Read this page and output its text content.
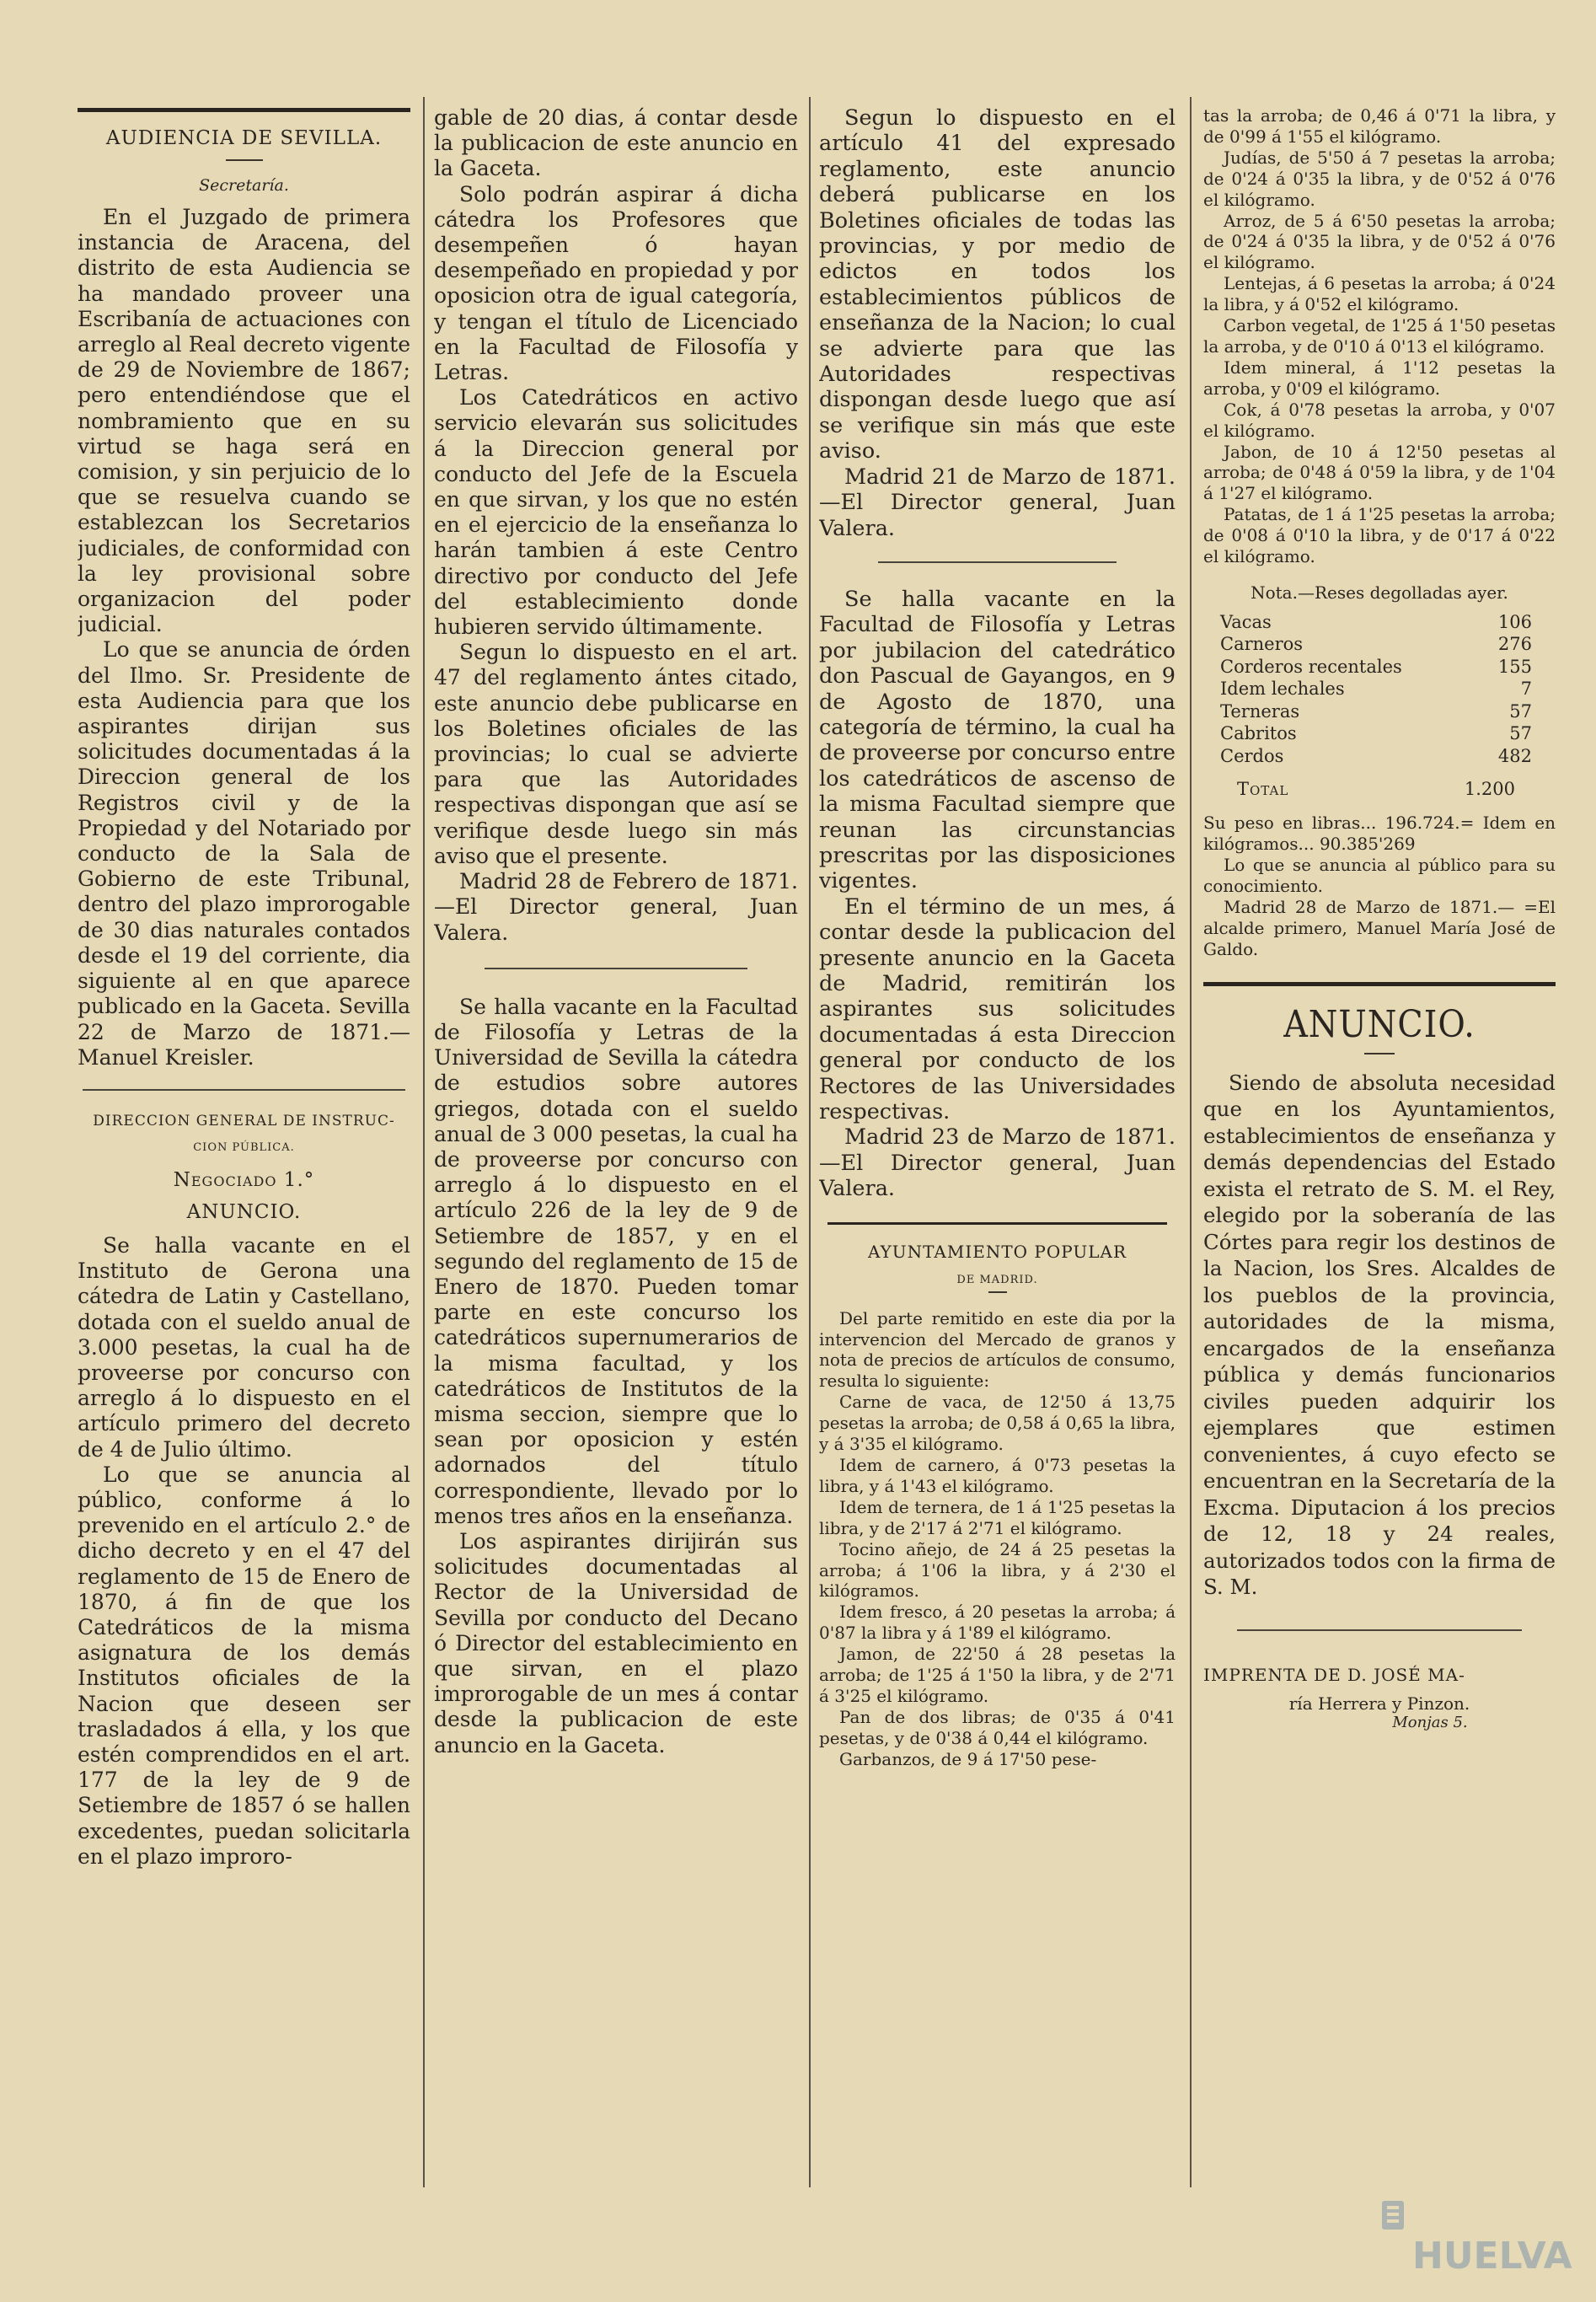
AUDIENCIA DE SEVILLA.
Secretaría.

En el Juzgado de primera instancia de Aracena, del distrito de esta Audiencia se ha mandado proveer una Escribanía de actuaciones con arreglo al Real decreto vigente de 29 de Noviembre de 1867; pero entendiéndose que el nombramiento que en su virtud se haga será en comision, y sin perjuicio de lo que se resuelva cuando se establezcan los Secretarios judiciales, de conformidad con la ley provisional sobre organizacion del poder judicial.

Lo que se anuncia de órden del Ilmo. Sr. Presidente de esta Audiencia para que los aspirantes dirijan sus solicitudes documentadas á la Direccion general de los Registros civil y de la Propiedad y del Notariado por conducto de la Sala de Gobierno de este Tribunal, dentro del plazo improrogable de 30 dias naturales contados desde el 19 del corriente, dia siguiente al en que aparece publicado en la Gaceta. Sevilla 22 de Marzo de 1871.—Manuel Kreisler.

DIRECCION GENERAL DE INSTRUC-
CION PÚBLICA.
Negociado 1.°
ANUNCIO.

Se halla vacante en el Instituto de Gerona una cátedra de Latin y Castellano, dotada con el sueldo anual de 3.000 pesetas, la cual ha de proveerse por concurso con arreglo á lo dispuesto en el artículo primero del decreto de 4 de Julio último.

Lo que se anuncia al público, conforme á lo prevenido en el artículo 2.° de dicho decreto y en el 47 del reglamento de 15 de Enero de 1870, á fin de que los Catedráticos de la misma asignatura de los demás Institutos oficiales de la Nacion que deseen ser trasladados á ella, y los que estén comprendidos en el art. 177 de la ley de 9 de Setiembre de 1857 ó se hallen excedentes, puedan solicitarla en el plazo improro-

gable de 20 dias, á contar desde la publicacion de este anuncio en la Gaceta.

Solo podrán aspirar á dicha cátedra los Profesores que desempeñen ó hayan desempeñado en propiedad y por oposicion otra de igual categoría, y tengan el título de Licenciado en la Facultad de Filosofía y Letras.

Los Catedráticos en activo servicio elevarán sus solicitudes á la Direccion general por conducto del Jefe de la Escuela en que sirvan, y los que no estén en el ejercicio de la enseñanza lo harán tambien á este Centro directivo por conducto del Jefe del establecimiento donde hubieren servido últimamente.

Segun lo dispuesto en el art. 47 del reglamento ántes citado, este anuncio debe publicarse en los Boletines oficiales de las provincias; lo cual se advierte para que las Autoridades respectivas dispongan que así se verifique desde luego sin más aviso que el presente.

Madrid 28 de Febrero de 1871.—El Director general, Juan Valera.

Se halla vacante en la Facultad de Filosofía y Letras de la Universidad de Sevilla la cátedra de estudios sobre autores griegos, dotada con el sueldo anual de 3 000 pesetas, la cual ha de proveerse por concurso con arreglo á lo dispuesto en el artículo 226 de la ley de 9 de Setiembre de 1857, y en el segundo del reglamento de 15 de Enero de 1870. Pueden tomar parte en este concurso los catedráticos supernumerarios de la misma facultad, y los catedráticos de Institutos de la misma seccion, siempre que lo sean por oposicion y estén adornados del título correspondiente, llevado por lo menos tres años en la enseñanza.

Los aspirantes dirijirán sus solicitudes documentadas al Rector de la Universidad de Sevilla por conducto del Decano ó Director del establecimiento en que sirvan, en el plazo improrogable de un mes á contar desde la publicacion de este anuncio en la Gaceta.

Segun lo dispuesto en el artículo 41 del expresado reglamento, este anuncio deberá publicarse en los Boletines oficiales de todas las provincias, y por medio de edictos en todos los establecimientos públicos de enseñanza de la Nacion; lo cual se advierte para que las Autoridades respectivas dispongan desde luego que así se verifique sin más que este aviso.

Madrid 21 de Marzo de 1871.—El Director general, Juan Valera.

Se halla vacante en la Facultad de Filosofía y Letras por jubilacion del catedrático don Pascual de Gayangos, en 9 de Agosto de 1870, una categoría de término, la cual ha de proveerse por concurso entre los catedráticos de ascenso de la misma Facultad siempre que reunan las circunstancias prescritas por las disposiciones vigentes.

En el término de un mes, á contar desde la publicacion del presente anuncio en la Gaceta de Madrid, remitirán los aspirantes sus solicitudes documentadas á esta Direccion general por conducto de los Rectores de las Universidades respectivas.

Madrid 23 de Marzo de 1871.—El Director general, Juan Valera.

AYUNTAMIENTO POPULAR
DE MADRID.

Del parte remitido en este dia por la intervencion del Mercado de granos y nota de precios de artículos de consumo, resulta lo siguiente:

Carne de vaca, de 12'50 á 13,75 pesetas la arroba; de 0,58 á 0,65 la libra, y á 3'35 el kilógramo.

Idem de carnero, á 0'73 pesetas la libra, y á 1'43 el kilógramo.

Idem de ternera, de 1 á 1'25 pesetas la libra, y de 2'17 á 2'71 el kilógramo.

Tocino añejo, de 24 á 25 pesetas la arroba; á 1'06 la libra, y á 2'30 el kilógramos.

Idem fresco, á 20 pesetas la arroba; á 0'87 la libra y á 1'89 el kilógramo.

Jamon, de 22'50 á 28 pesetas la arroba; de 1'25 á 1'50 la libra, y de 2'71 á 3'25 el kilógramo.

Pan de dos libras; de 0'35 á 0'41 pesetas, y de 0'38 á 0,44 el kilógramo.

Garbanzos, de 9 á 17'50 pese-

tas la arroba; de 0,46 á 0'71 la libra, y de 0'99 á 1'55 el kilógramo.

Judías, de 5'50 á 7 pesetas la arroba; de 0'24 á 0'35 la libra, y de 0'52 á 0'76 el kilógramo.

Arroz, de 5 á 6'50 pesetas la arroba; de 0'24 á 0'35 la libra, y de 0'52 á 0'76 el kilógramo.

Lentejas, á 6 pesetas la arroba; á 0'24 la libra, y á 0'52 el kilógramo.

Carbon vegetal, de 1'25 á 1'50 pesetas la arroba, y de 0'10 á 0'13 el kilógramo.

Idem mineral, á 1'12 pesetas la arroba, y 0'09 el kilógramo.

Cok, á 0'78 pesetas la arroba, y 0'07 el kilógramo.

Jabon, de 10 á 12'50 pesetas al arroba; de 0'48 á 0'59 la libra, y de 1'04 á 1'27 el kilógramo.

Patatas, de 1 á 1'25 pesetas la arroba; de 0'08 á 0'10 la libra, y de 0'17 á 0'22 el kilógramo.

Nota.—Reses degolladas ayer.
Vacas	106
Carneros	276
Corderos recentales	155
Idem lechales	7
Terneras	57
Cabritos	57
Cerdos	482
Total	1.200

Su peso en libras... 196.724.= Idem en kilógramos... 90.385'269

Lo que se anuncia al público para su conocimiento.

Madrid 28 de Marzo de 1871.— =El alcalde primero, Manuel María José de Galdo.

ANUNCIO.

Siendo de absoluta necesidad que en los Ayuntamientos, establecimientos de enseñanza y demás dependencias del Estado exista el retrato de S. M. el Rey, elegido por la soberanía de las Córtes para regir los destinos de la Nacion, los Sres. Alcaldes de los pueblos de la provincia, autoridades de la misma, encargados de la enseñanza pública y demás funcionarios civiles pueden adquirir los ejemplares que estimen convenientes, á cuyo efecto se encuentran en la Secretaría de la Excma. Diputacion á los precios de 12, 18 y 24 reales, autorizados todos con la firma de S. M.

IMPRENTA DE D. JOSÉ MA-
ría Herrera y Pinzon.
Monjas 5.
HUELVA
